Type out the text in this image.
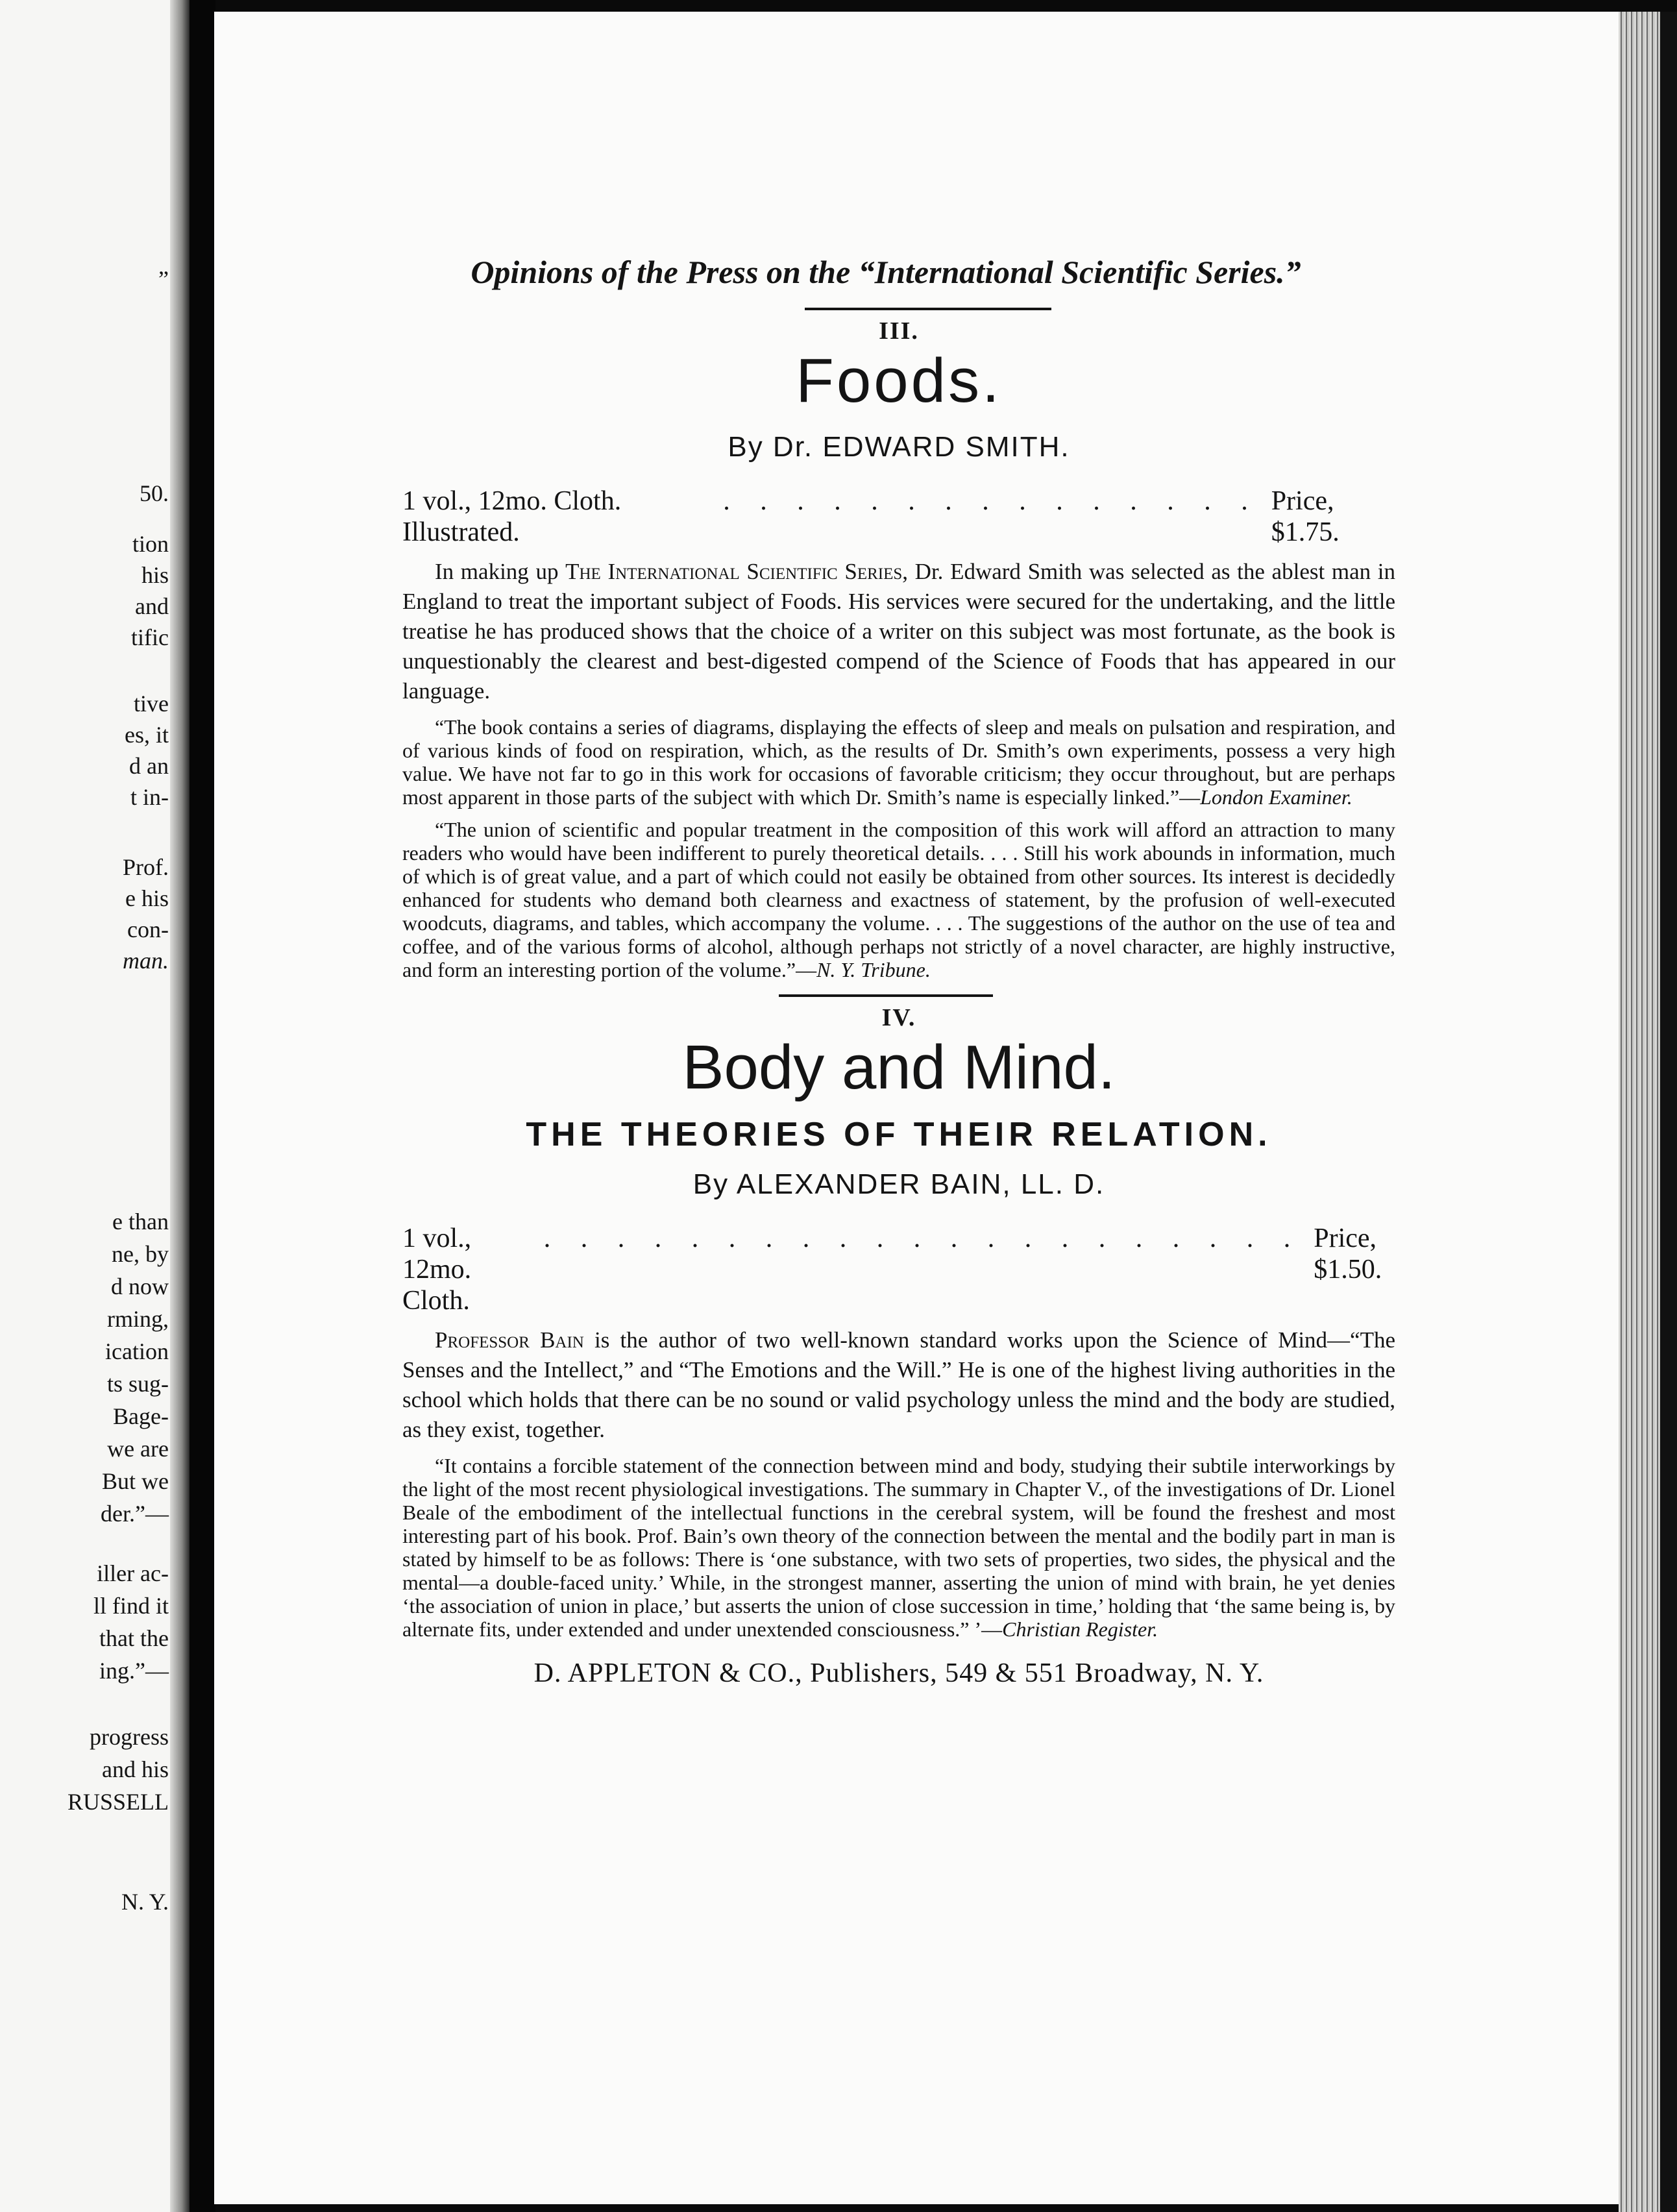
”
50.
tion
his
and
tific
tive
es, it
d an
t in-
Prof.
e his
con-
man.
e than
ne, by
d now
rming,
ication
ts sug-
Bage-
we are
But we
der.”—
iller ac-
ll find it
that the
ing.”—
progress
and his
RUSSELL
N. Y.
Opinions of the Press on the “International Scientific Series.”
III.
Foods.
By Dr. EDWARD SMITH.
1 vol., 12mo. Cloth. Illustrated.
. . . . . . . . . . . . . . . Price, $1.75.
In making up The International Scientific Series, Dr. Edward Smith was selected as the ablest man in England to treat the important subject of Foods. His services were secured for the undertaking, and the little treatise he has produced shows that the choice of a writer on this subject was most fortunate, as the book is unquestionably the clearest and best-digested compend of the Science of Foods that has appeared in our language.
“The book contains a series of diagrams, displaying the effects of sleep and meals on pulsation and respiration, and of various kinds of food on respiration, which, as the results of Dr. Smith’s own experiments, possess a very high value. We have not far to go in this work for occasions of favorable criticism; they occur throughout, but are perhaps most apparent in those parts of the subject with which Dr. Smith’s name is especially linked.”—London Examiner.
“The union of scientific and popular treatment in the composition of this work will afford an attraction to many readers who would have been indifferent to purely theoretical details. . . . Still his work abounds in information, much of which is of great value, and a part of which could not easily be obtained from other sources. Its interest is decidedly enhanced for students who demand both clearness and exactness of statement, by the profusion of well-executed woodcuts, diagrams, and tables, which accompany the volume. . . . The suggestions of the author on the use of tea and coffee, and of the various forms of alcohol, although perhaps not strictly of a novel character, are highly instructive, and form an interesting portion of the volume.”—N. Y. Tribune.
IV.
Body and Mind.
THE THEORIES OF THEIR RELATION.
By ALEXANDER BAIN, LL. D.
1 vol., 12mo. Cloth.
. . . . . . . . . . . . . . . . . . . . . Price, $1.50.
Professor Bain is the author of two well-known standard works upon the Science of Mind—“The Senses and the Intellect,” and “The Emotions and the Will.” He is one of the highest living authorities in the school which holds that there can be no sound or valid psychology unless the mind and the body are studied, as they exist, together.
“It contains a forcible statement of the connection between mind and body, studying their subtile interworkings by the light of the most recent physiological investigations. The summary in Chapter V., of the investigations of Dr. Lionel Beale of the embodiment of the intellectual functions in the cerebral system, will be found the freshest and most interesting part of his book. Prof. Bain’s own theory of the connection between the mental and the bodily part in man is stated by himself to be as follows: There is ‘one substance, with two sets of properties, two sides, the physical and the mental—a double-faced unity.’ While, in the strongest manner, asserting the union of mind with brain, he yet denies ‘the association of union in place,’ but asserts the union of close succession in time,’ holding that ‘the same being is, by alternate fits, under extended and under unextended consciousness.” ’—Christian Register.
D. APPLETON & CO., Publishers, 549 & 551 Broadway, N. Y.
